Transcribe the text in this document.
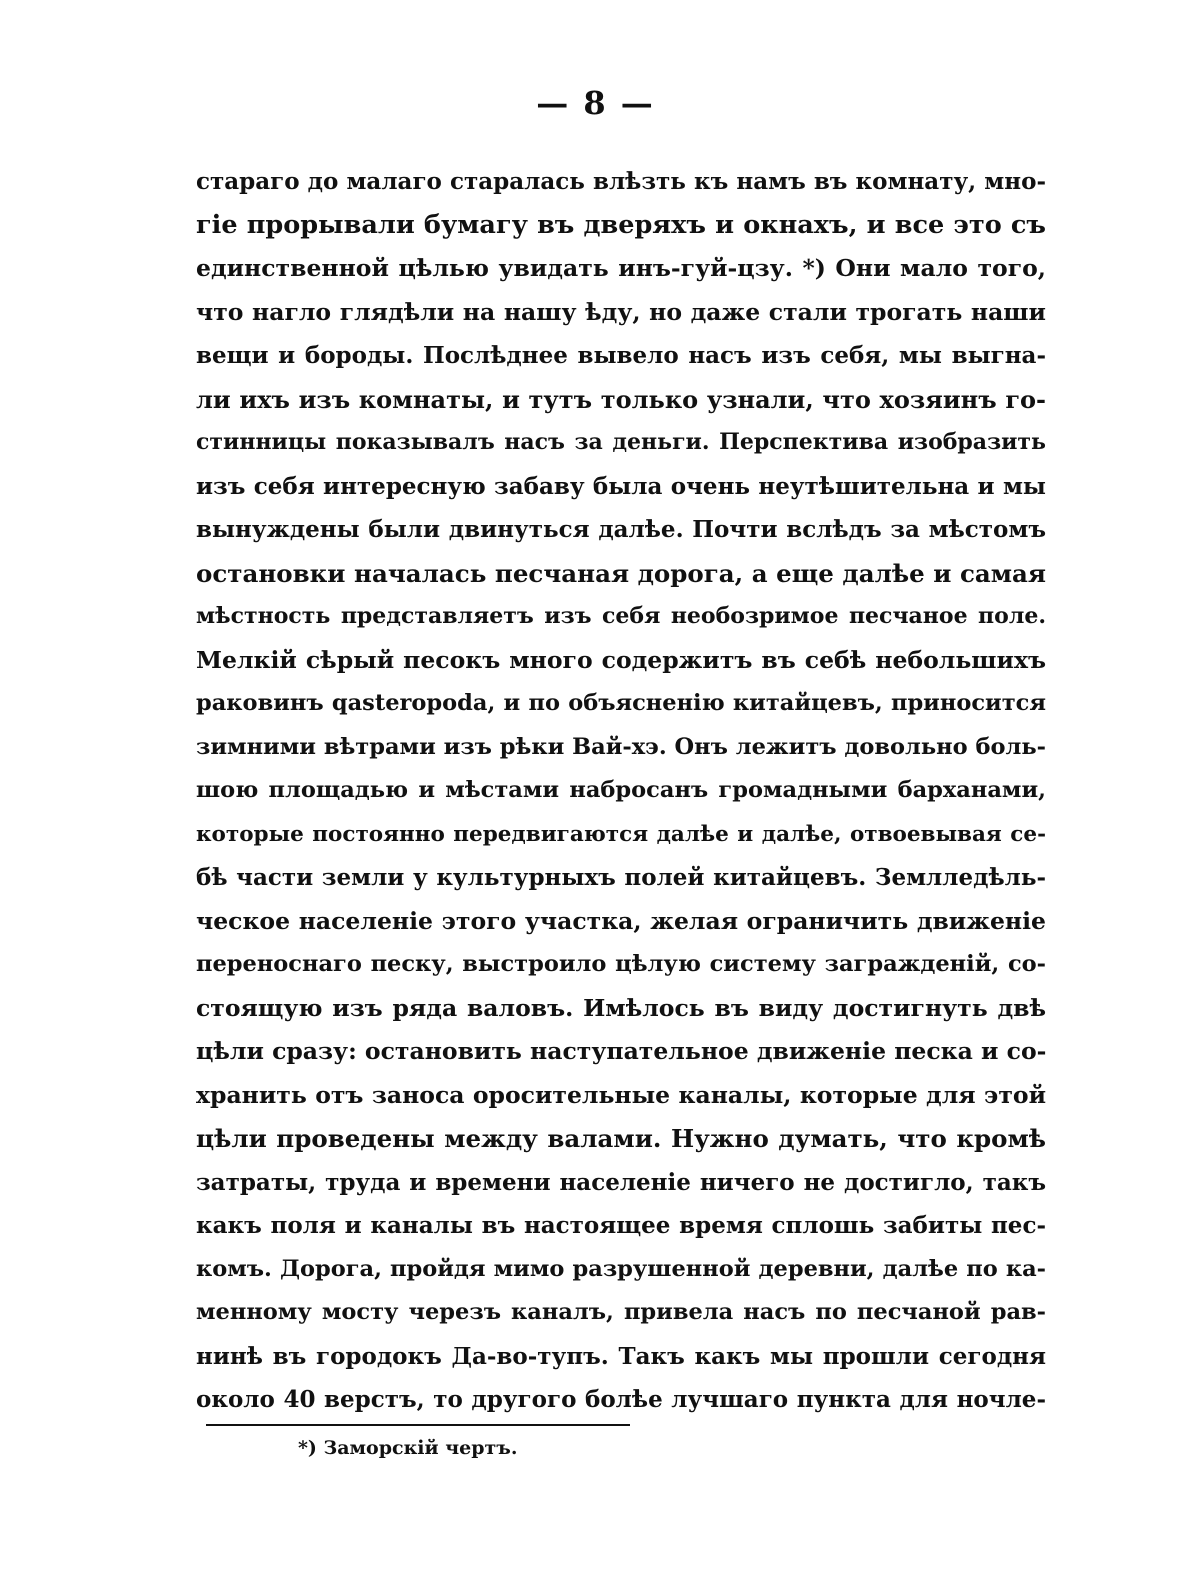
— 8 —
стараго до малаго старалась влѣзть къ намъ въ комнату, мно-
гіе прорывали бумагу въ дверяхъ и окнахъ, и все это съ
единственной цѣлью увидать инъ-гуй-цзу. *) Они мало того,
что нагло глядѣли на нашу ѣду, но даже стали трогать наши
вещи и бороды. Послѣднее вывело насъ изъ себя, мы выгна-
ли ихъ изъ комнаты, и тутъ только узнали, что хозяинъ го-
стинницы показывалъ насъ за деньги. Перспектива изобразить
изъ себя интересную забаву была очень неутѣшительна и мы
вынуждены были двинуться далѣе. Почти вслѣдъ за мѣстомъ
остановки началась песчаная дорога, а еще далѣе и самая
мѣстность представляетъ изъ себя необозримое песчаное поле.
Мелкій сѣрый песокъ много содержитъ въ себѣ небольшихъ
раковинъ qasteropoda, и по объясненію китайцевъ, приносится
зимними вѣтрами изъ рѣки Вай-хэ. Онъ лежитъ довольно боль-
шою площадью и мѣстами набросанъ громадными барханами,
которые постоянно передвигаются далѣе и далѣе, отвоевывая се-
бѣ части земли у культурныхъ полей китайцевъ. Землледѣль-
ческое населеніе этого участка, желая ограничить движеніе
переноснаго песку, выстроило цѣлую систему загражденій, со-
стоящую изъ ряда валовъ. Имѣлось въ виду достигнуть двѣ
цѣли сразу: остановить наступательное движеніе песка и со-
хранить отъ заноса оросительные каналы, которые для этой
цѣли проведены между валами. Нужно думать, что кромѣ
затраты, труда и времени населеніе ничего не достигло, такъ
какъ поля и каналы въ настоящее время сплошь забиты пес-
комъ. Дорога, пройдя мимо разрушенной деревни, далѣе по ка-
менному мосту черезъ каналъ, привела насъ по песчаной рав-
нинѣ въ городокъ Да-во-тупъ. Такъ какъ мы прошли сегодня
около 40 верстъ, то другого болѣе лучшаго пункта для ночле-
*) Заморскій чертъ.
